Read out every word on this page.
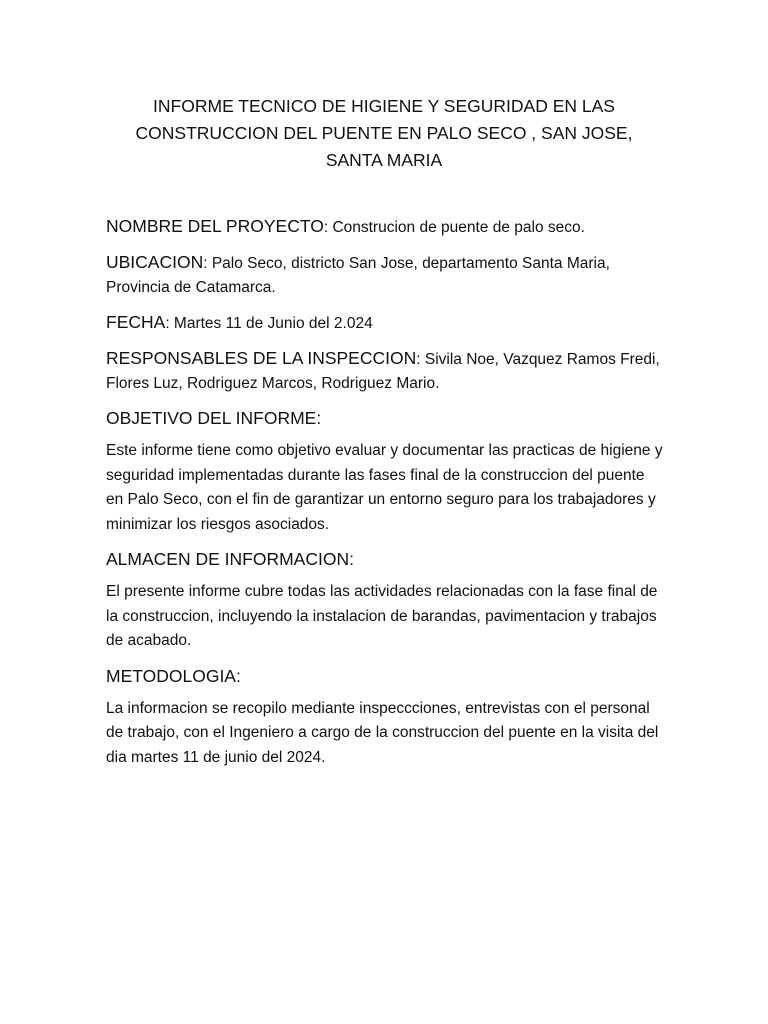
INFORME TECNICO DE HIGIENE Y SEGURIDAD EN LAS CONSTRUCCION DEL PUENTE EN PALO SECO , SAN JOSE, SANTA MARIA

NOMBRE DEL PROYECTO: Construcion de puente de palo seco.

UBICACION: Palo Seco, districto San Jose, departamento Santa Maria, Provincia de Catamarca.

FECHA: Martes 11 de Junio del 2.024

RESPONSABLES DE LA INSPECCION: Sivila Noe, Vazquez Ramos Fredi, Flores Luz, Rodriguez Marcos, Rodriguez Mario.

OBJETIVO DEL INFORME:

Este informe tiene como objetivo evaluar y documentar las practicas de higiene y seguridad implementadas durante las fases final de la construccion del puente en Palo Seco, con el fin de garantizar un entorno seguro para los trabajadores y minimizar los riesgos asociados.

ALMACEN DE INFORMACION:

El presente informe cubre todas las actividades relacionadas con la fase final de la construccion, incluyendo la instalacion de barandas, pavimentacion y trabajos de acabado.

METODOLOGIA:

La informacion se recopilo mediante inspeccciones, entrevistas con el personal de trabajo, con el Ingeniero a cargo de la construccion del puente en la visita del dia martes 11 de junio del 2024.
